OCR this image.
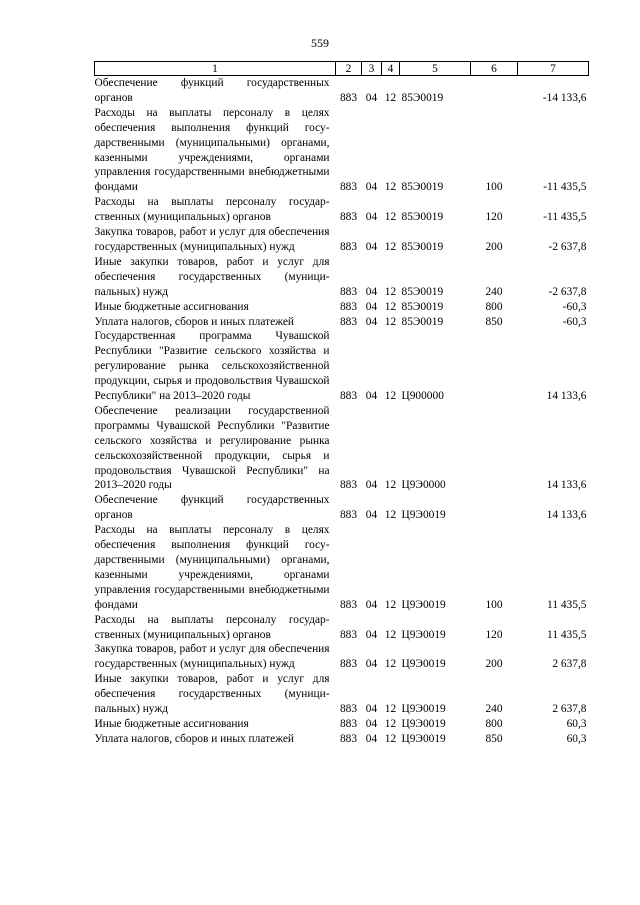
559
1	2	3	4	5	6	7
Обеспечение функций государственных органов	883	04	12	85Э0019		-14 133,6
Расходы на выплаты персоналу в целях обеспечения выполнения функций государственными (муниципальными) органами, казенными учреждениями, органами управления государственными внебюджетными фондами	883	04	12	85Э0019	100	-11 435,5
Расходы на выплаты персоналу государственных (муниципальных) органов	883	04	12	85Э0019	120	-11 435,5
Закупка товаров, работ и услуг для обеспечения государственных (муниципальных) нужд	883	04	12	85Э0019	200	-2 637,8
Иные закупки товаров, работ и услуг для обеспечения государственных (муниципальных) нужд	883	04	12	85Э0019	240	-2 637,8
Иные бюджетные ассигнования	883	04	12	85Э0019	800	-60,3
Уплата налогов, сборов и иных платежей	883	04	12	85Э0019	850	-60,3
Государственная программа Чувашской Республики "Развитие сельского хозяйства и регулирование рынка сельскохозяйственной продукции, сырья и продовольствия Чувашской Республики" на 2013–2020 годы	883	04	12	Ц900000		14 133,6
Обеспечение реализации государственной программы Чувашской Республики "Развитие сельского хозяйства и регулирование рынка сельскохозяйственной продукции, сырья и продовольствия Чувашской Республики" на 2013–2020 годы	883	04	12	Ц9Э0000		14 133,6
Обеспечение функций государственных органов	883	04	12	Ц9Э0019		14 133,6
Расходы на выплаты персоналу в целях обеспечения выполнения функций государственными (муниципальными) органами, казенными учреждениями, органами управления государственными внебюджетными фондами	883	04	12	Ц9Э0019	100	11 435,5
Расходы на выплаты персоналу государственных (муниципальных) органов	883	04	12	Ц9Э0019	120	11 435,5
Закупка товаров, работ и услуг для обеспечения государственных (муниципальных) нужд	883	04	12	Ц9Э0019	200	2 637,8
Иные закупки товаров, работ и услуг для обеспечения государственных (муниципальных) нужд	883	04	12	Ц9Э0019	240	2 637,8
Иные бюджетные ассигнования	883	04	12	Ц9Э0019	800	60,3
Уплата налогов, сборов и иных платежей	883	04	12	Ц9Э0019	850	60,3
